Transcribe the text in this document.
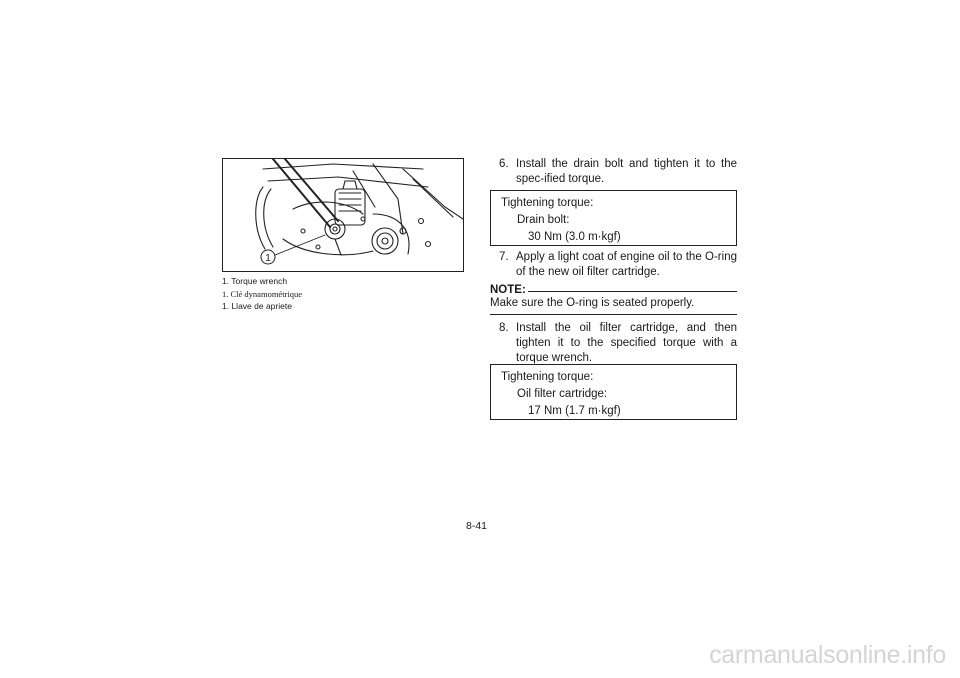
1
1. Torque wrench
1. Clé dynamométrique
1. Llave de apriete
6. Install the drain bolt and tighten it to the spec-ified torque.
Tightening torque:
Drain bolt:
30 Nm (3.0 m·kgf)
7. Apply a light coat of engine oil to the O-ring of the new oil filter cartridge.
NOTE:
Make sure the O-ring is seated properly.
8. Install the oil filter cartridge, and then tighten it to the specified torque with a torque wrench.
Tightening torque:
Oil filter cartridge:
17 Nm (1.7 m·kgf)
8-41
carmanualsonline.info
